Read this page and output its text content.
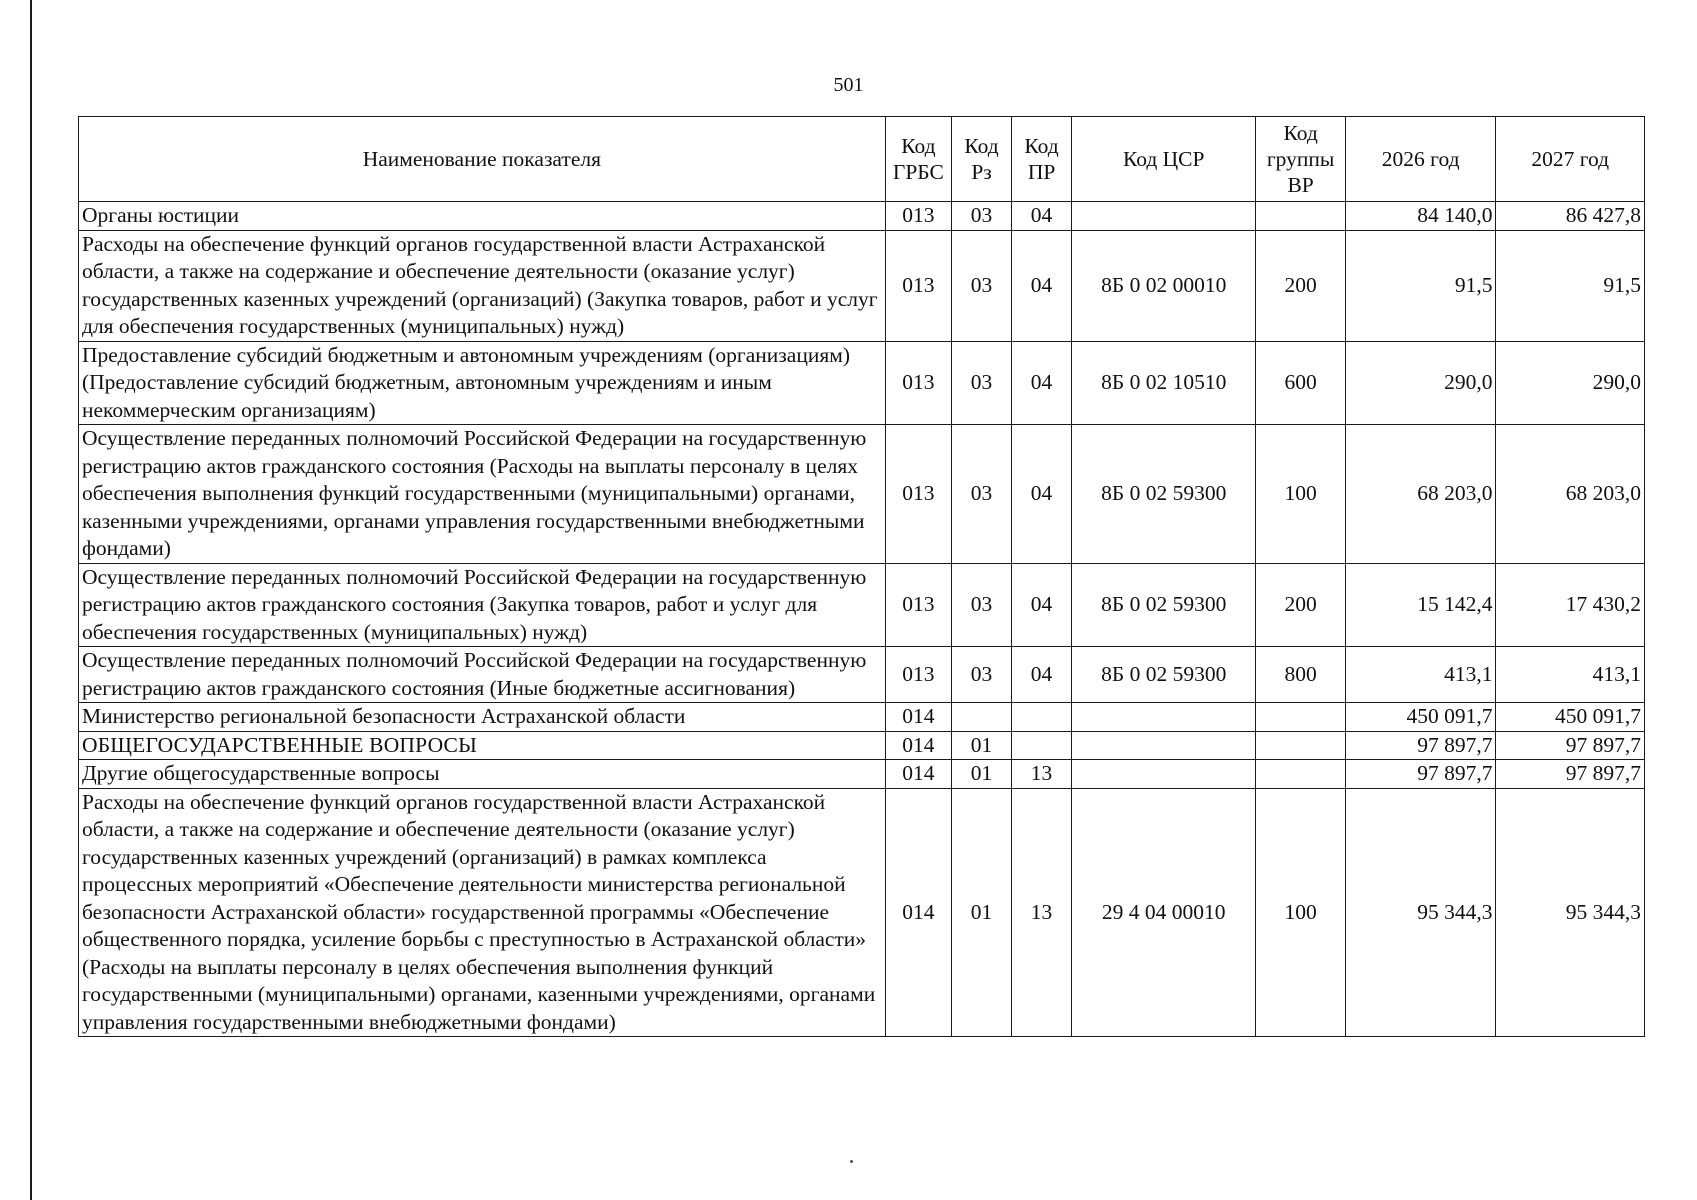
501
Наименование показателя	Код ГРБС	Код Рз	Код ПР	Код ЦСР	Код группы ВР	2026 год	2027 год
Органы юстиции	013	03	04			84 140,0	86 427,8
Расходы на обеспечение функций органов государственной власти Астраханской области, а также на содержание и обеспечение деятельности (оказание услуг) государственных казенных учреждений (организаций) (Закупка товаров, работ и услуг для обеспечения государственных (муниципальных) нужд)	013	03	04	8Б 0 02 00010	200	91,5	91,5
Предоставление субсидий бюджетным и автономным учреждениям (организациям) (Предоставление субсидий бюджетным, автономным учреждениям и иным некоммерческим организациям)	013	03	04	8Б 0 02 10510	600	290,0	290,0
Осуществление переданных полномочий Российской Федерации на государственную регистрацию актов гражданского состояния (Расходы на выплаты персоналу в целях обеспечения выполнения функций государственными (муниципальными) органами, казенными учреждениями, органами управления государственными внебюджетными фондами)	013	03	04	8Б 0 02 59300	100	68 203,0	68 203,0
Осуществление переданных полномочий Российской Федерации на государственную регистрацию актов гражданского состояния (Закупка товаров, работ и услуг для обеспечения государственных (муниципальных) нужд)	013	03	04	8Б 0 02 59300	200	15 142,4	17 430,2
Осуществление переданных полномочий Российской Федерации на государственную регистрацию актов гражданского состояния (Иные бюджетные ассигнования)	013	03	04	8Б 0 02 59300	800	413,1	413,1
Министерство региональной безопасности Астраханской области	014					450 091,7	450 091,7
ОБЩЕГОСУДАРСТВЕННЫЕ ВОПРОСЫ	014	01				97 897,7	97 897,7
Другие общегосударственные вопросы	014	01	13			97 897,7	97 897,7
Расходы на обеспечение функций органов государственной власти Астраханской области, а также на содержание и обеспечение деятельности (оказание услуг) государственных казенных учреждений (организаций) в рамках комплекса процессных мероприятий «Обеспечение деятельности министерства региональной безопасности Астраханской области» государственной программы «Обеспечение общественного порядка, усиление борьбы с преступностью в Астраханской области» (Расходы на выплаты персоналу в целях обеспечения выполнения функций государственными (муниципальными) органами, казенными учреждениями, органами управления государственными внебюджетными фондами)	014	01	13	29 4 04 00010	100	95 344,3	95 344,3
